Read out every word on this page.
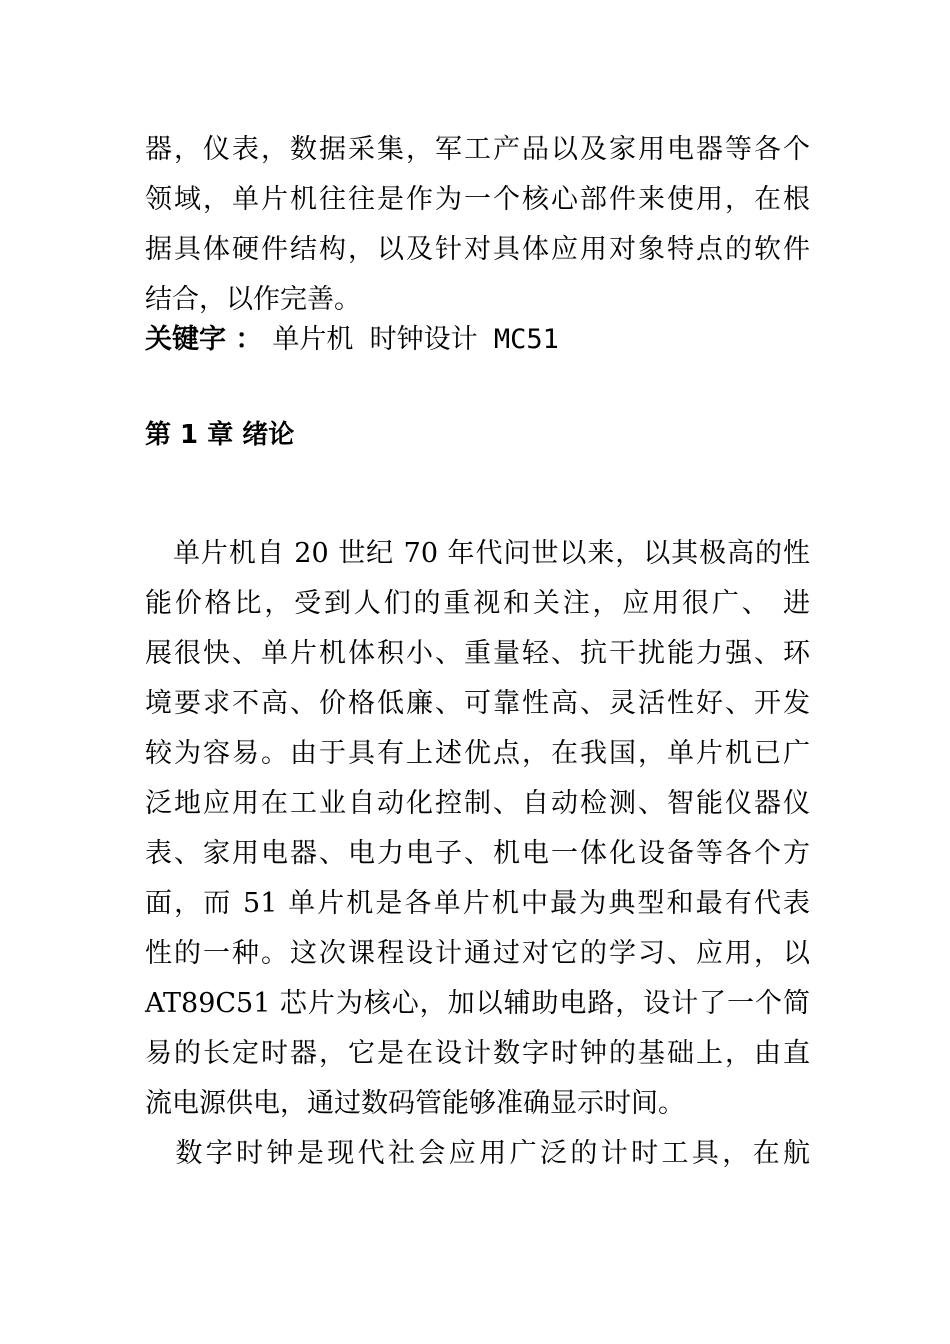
器，仪表，数据采集，军工产品以及家用电器等各个
领域，单片机往往是作为一个核心部件来使用，在根
据具体硬件结构，以及针对具体应用对象特点的软件
结合，以作完善。
关键字 ： 单片机 时钟设计 MC51
第 1 章 绪论
　单片机自 20 世纪 70 年代问世以来，以其极高的性
能价格比，受到人们的重视和关注，应用很广、 进
展很快、单片机体积小、重量轻、抗干扰能力强、环
境要求不高、价格低廉、可靠性高、灵活性好、开发
较为容易。由于具有上述优点，在我国，单片机已广
泛地应用在工业自动化控制、自动检测、智能仪器仪
表、家用电器、电力电子、机电一体化设备等各个方
面，而 51 单片机是各单片机中最为典型和最有代表
性的一种。这次课程设计通过对它的学习、应用，以
AT89C51 芯片为核心，加以辅助电路，设计了一个简
易的长定时器，它是在设计数字时钟的基础上，由直
流电源供电，通过数码管能够准确显示时间。
　数字时钟是现代社会应用广泛的计时工具，在航
